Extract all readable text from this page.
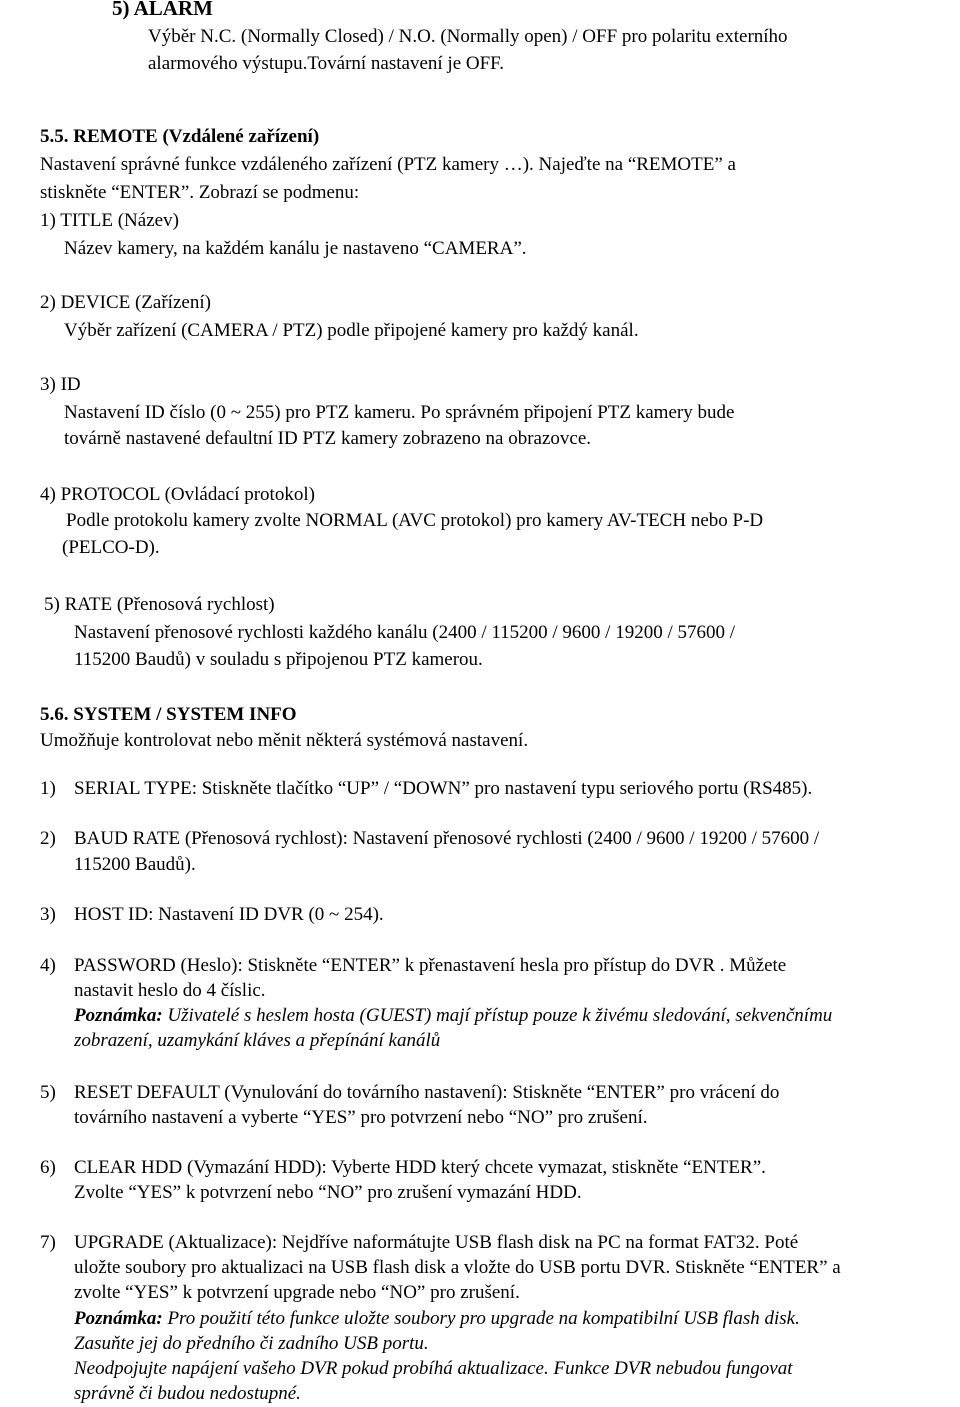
5) ALARM
Výběr N.C. (Normally Closed) / N.O. (Normally open) / OFF pro polaritu externího
alarmového výstupu.Tovární nastavení je OFF.
5.5. REMOTE (Vzdálené zařízení)
Nastavení správné funkce vzdáleného zařízení (PTZ kamery …). Najeďte na “REMOTE” a
stiskněte “ENTER”. Zobrazí se podmenu:
1) TITLE (Název)
Název kamery, na každém kanálu je nastaveno “CAMERA”.
2) DEVICE (Zařízení)
Výběr zařízení (CAMERA / PTZ) podle připojené kamery pro každý kanál.
3) ID
Nastavení ID číslo (0 ~ 255) pro PTZ kameru. Po správném připojení PTZ kamery bude
továrně nastavené defaultní ID PTZ kamery zobrazeno na obrazovce.
4) PROTOCOL (Ovládací protokol)
Podle protokolu kamery zvolte NORMAL (AVC protokol) pro kamery AV-TECH nebo P-D
(PELCO-D).
5) RATE (Přenosová rychlost)
Nastavení přenosové rychlosti každého kanálu (2400 / 115200 / 9600 / 19200 / 57600 /
115200 Baudů) v souladu s připojenou PTZ kamerou.
5.6. SYSTEM / SYSTEM INFO
Umožňuje kontrolovat nebo měnit některá systémová nastavení.
1) SERIAL TYPE: Stiskněte tlačítko “UP” / “DOWN” pro nastavení typu seriového portu (RS485).
2) BAUD RATE (Přenosová rychlost): Nastavení přenosové rychlosti (2400 / 9600 / 19200 / 57600 /
115200 Baudů).
3) HOST ID: Nastavení ID DVR (0 ~ 254).
4) PASSWORD (Heslo): Stiskněte “ENTER” k přenastavení hesla pro přístup do DVR . Můžete
nastavit heslo do 4 číslic.
Poznámka: Uživatelé s heslem hosta (GUEST) mají přístup pouze k živému sledování, sekvenčnímu
zobrazení, uzamykání kláves a přepínání kanálů
5) RESET DEFAULT (Vynulování do továrního nastavení): Stiskněte “ENTER” pro vrácení do
továrního nastavení a vyberte “YES” pro potvrzení nebo “NO” pro zrušení.
6) CLEAR HDD (Vymazání HDD): Vyberte HDD který chcete vymazat, stiskněte “ENTER”.
Zvolte “YES” k potvrzení nebo “NO” pro zrušení vymazání HDD.
7) UPGRADE (Aktualizace): Nejdříve naformátujte USB flash disk na PC na format FAT32. Poté
uložte soubory pro aktualizaci na USB flash disk a vložte do USB portu DVR. Stiskněte “ENTER” a
zvolte “YES” k potvrzení upgrade nebo “NO” pro zrušení.
Poznámka: Pro použití této funkce uložte soubory pro upgrade na kompatibilní USB flash disk.
Zasuňte jej do předního či zadního USB portu.
Neodpojujte napájení vašeho DVR pokud probíhá aktualizace. Funkce DVR nebudou fungovat
správně či budou nedostupné.
